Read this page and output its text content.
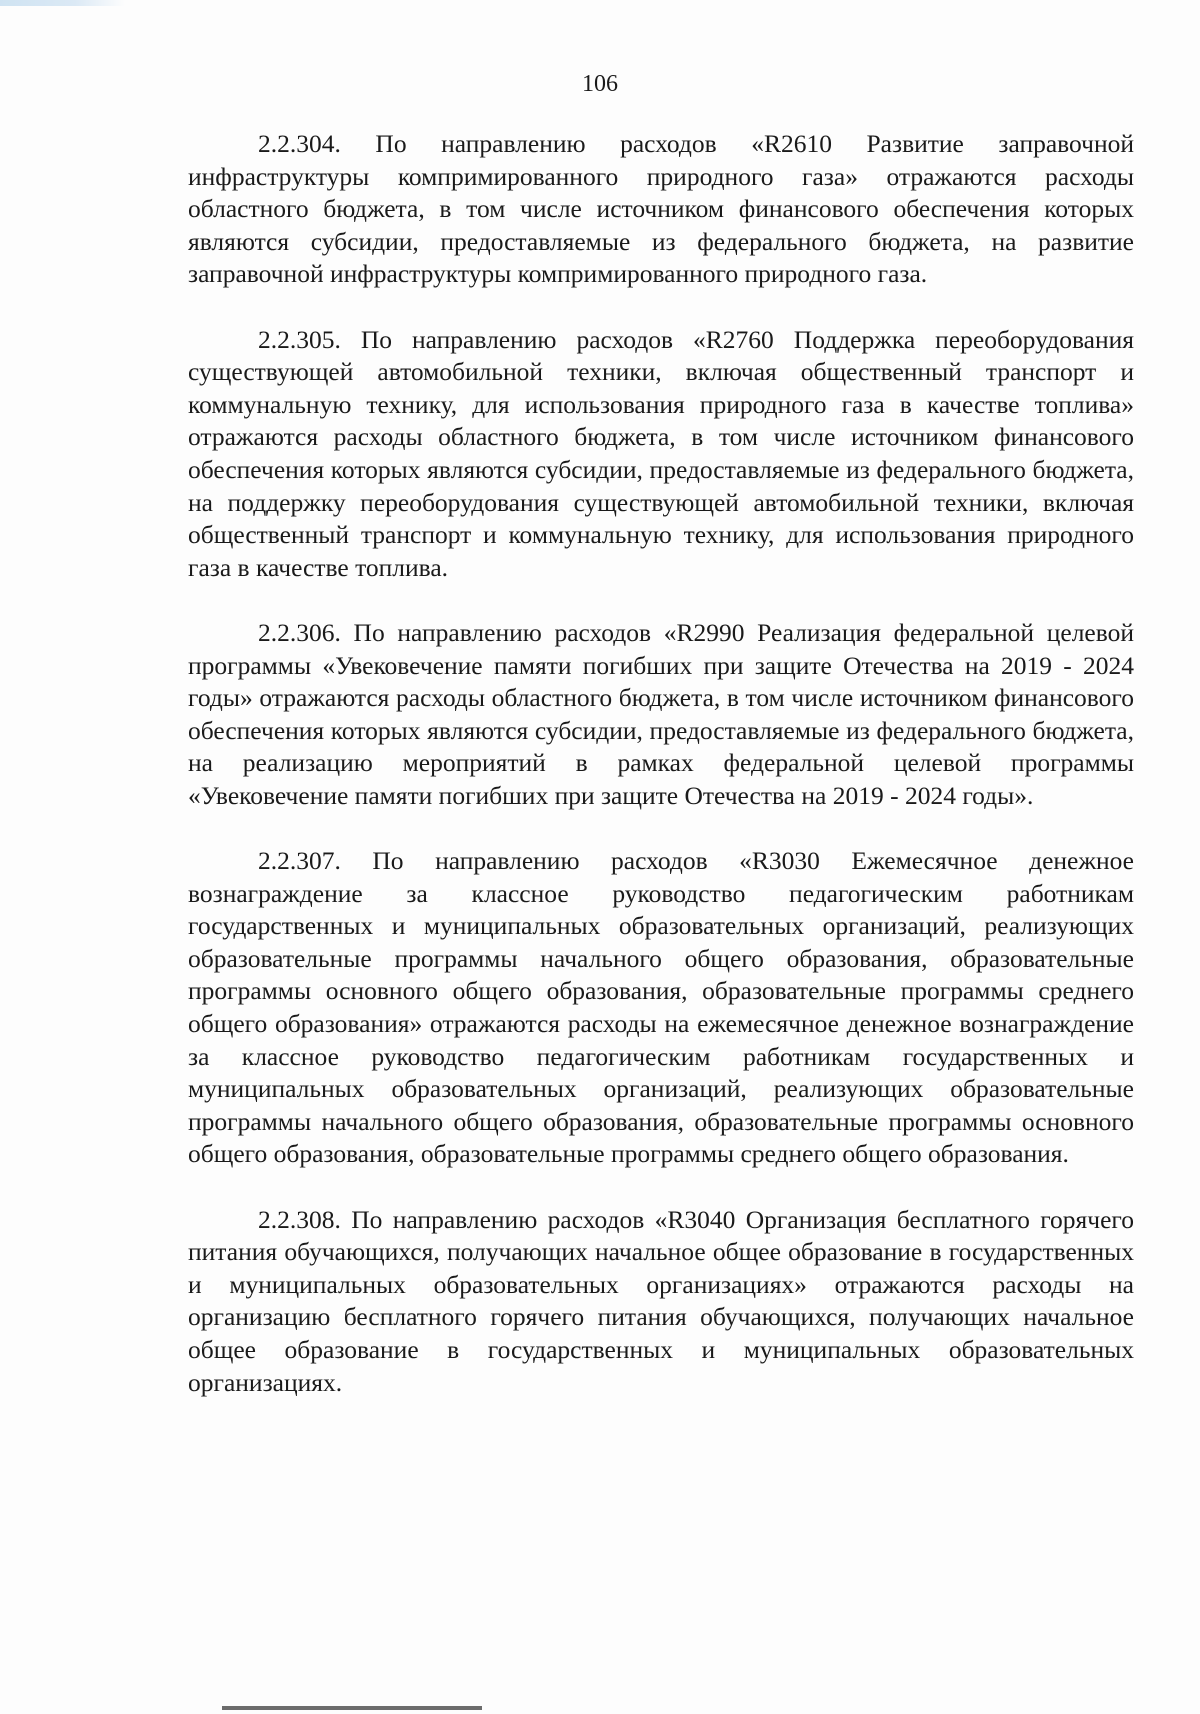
106

2.2.304. По направлению расходов «R2610 Развитие заправочной инфраструктуры компримированного природного газа» отражаются расходы областного бюджета, в том числе источником финансового обеспечения которых являются субсидии, предоставляемые из федерального бюджета, на развитие заправочной инфраструктуры компримированного природного газа.

2.2.305. По направлению расходов «R2760 Поддержка переоборудования существующей автомобильной техники, включая общественный транспорт и коммунальную технику, для использования природного газа в качестве топлива» отражаются расходы областного бюджета, в том числе источником финансового обеспечения которых являются субсидии, предоставляемые из федерального бюджета, на поддержку переоборудования существующей автомобильной техники, включая общественный транспорт и коммунальную технику, для использования природного газа в качестве топлива.

2.2.306. По направлению расходов «R2990 Реализация федеральной целевой программы «Увековечение памяти погибших при защите Отечества на 2019 - 2024 годы» отражаются расходы областного бюджета, в том числе источником финансового обеспечения которых являются субсидии, предоставляемые из федерального бюджета, на реализацию мероприятий в рамках федеральной целевой программы «Увековечение памяти погибших при защите Отечества на 2019 - 2024 годы».

2.2.307. По направлению расходов «R3030 Ежемесячное денежное вознаграждение за классное руководство педагогическим работникам государственных и муниципальных образовательных организаций, реализующих образовательные программы начального общего образования, образовательные программы основного общего образования, образовательные программы среднего общего образования» отражаются расходы на ежемесячное денежное вознаграждение за классное руководство педагогическим работникам государственных и муниципальных образовательных организаций, реализующих образовательные программы начального общего образования, образовательные программы основного общего образования, образовательные программы среднего общего образования.

2.2.308. По направлению расходов «R3040 Организация бесплатного горячего питания обучающихся, получающих начальное общее образование в государственных и муниципальных образовательных организациях» отражаются расходы на организацию бесплатного горячего питания обучающихся, получающих начальное общее образование в государственных и муниципальных образовательных организациях.
